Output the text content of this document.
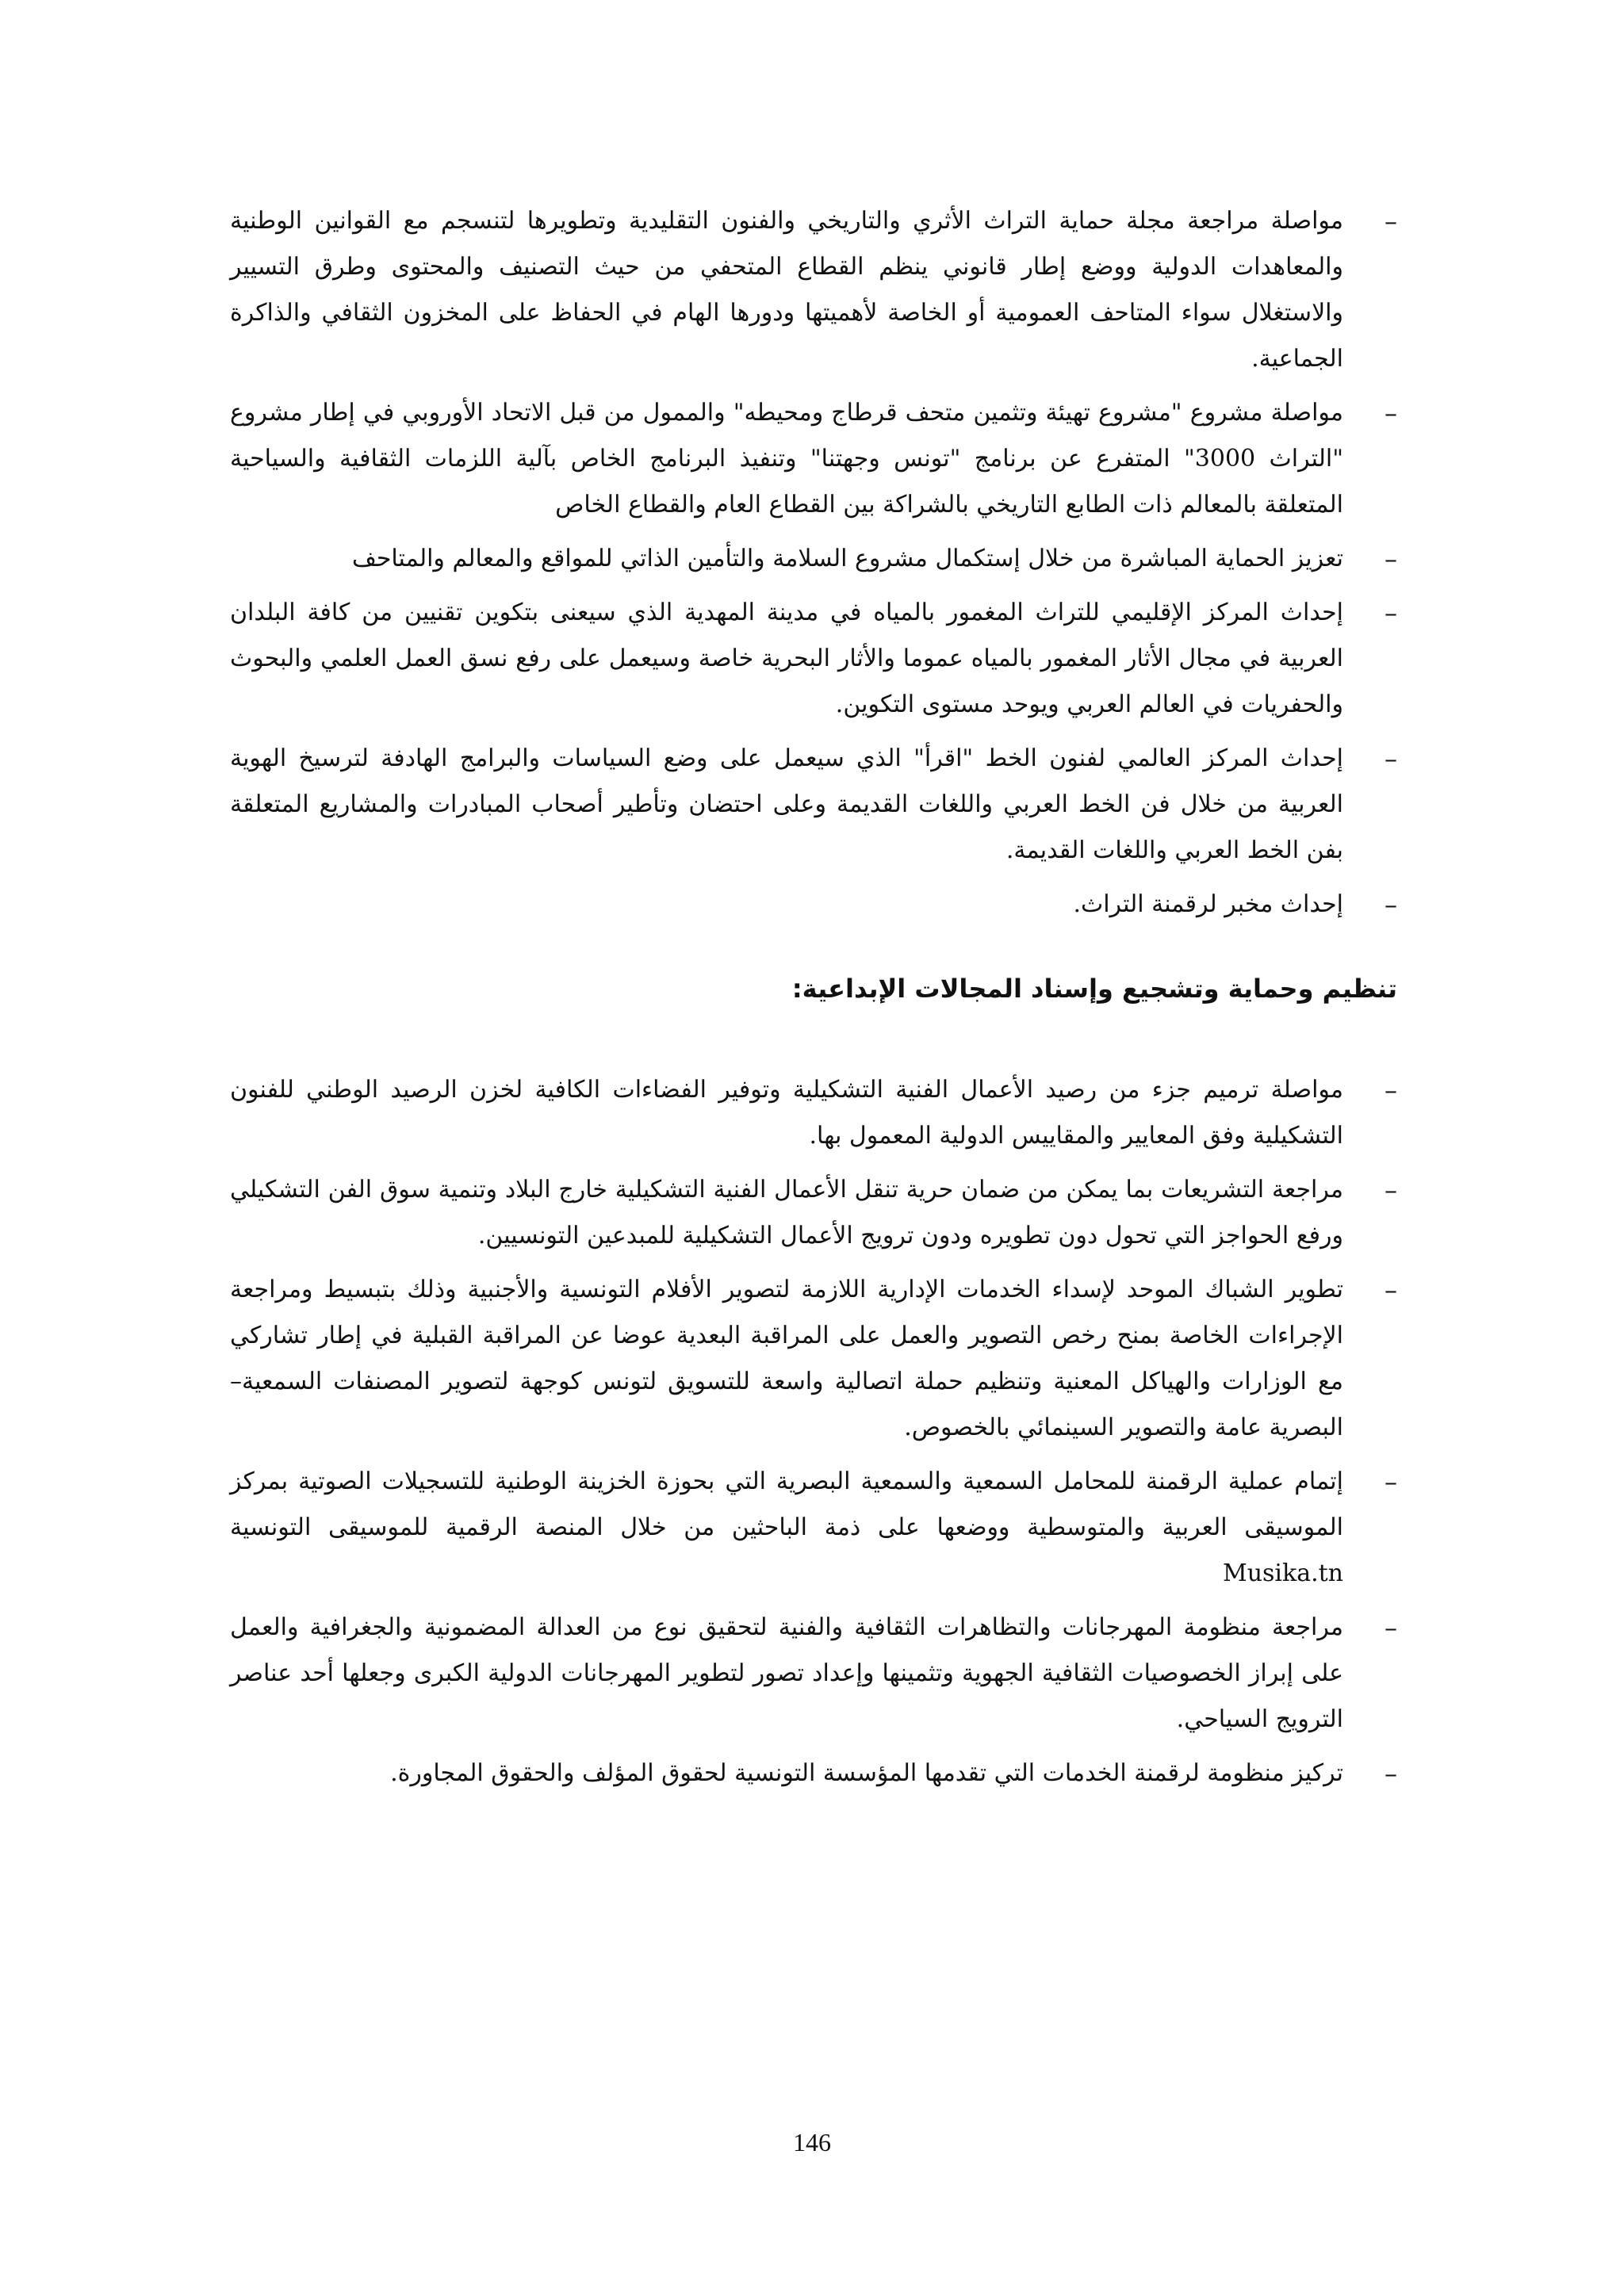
– مواصلة مراجعة مجلة حماية التراث الأثري والتاريخي والفنون التقليدية وتطويرها لتنسجم مع القوانين الوطنية والمعاهدات الدولية ووضع إطار قانوني ينظم القطاع المتحفي من حيث التصنيف والمحتوى وطرق التسيير والاستغلال سواء المتاحف العمومية أو الخاصة لأهميتها ودورها الهام في الحفاظ على المخزون الثقافي والذاكرة الجماعية.
– مواصلة مشروع "مشروع تهيئة وتثمين متحف قرطاج ومحيطه" والممول من قبل الاتحاد الأوروبي في إطار مشروع "التراث 3000" المتفرع عن برنامج "تونس وجهتنا" وتنفيذ البرنامج الخاص بآلية اللزمات الثقافية والسياحية المتعلقة بالمعالم ذات الطابع التاريخي بالشراكة بين القطاع العام والقطاع الخاص
– تعزيز الحماية المباشرة من خلال إستكمال مشروع السلامة والتأمين الذاتي للمواقع والمعالم والمتاحف
– إحداث المركز الإقليمي للتراث المغمور بالمياه في مدينة المهدية الذي سيعنى بتكوين تقنيين من كافة البلدان العربية في مجال الأثار المغمور بالمياه عموما والأثار البحرية خاصة وسيعمل على رفع نسق العمل العلمي والبحوث والحفريات في العالم العربي ويوحد مستوى التكوين.
– إحداث المركز العالمي لفنون الخط "اقرأ" الذي سيعمل على وضع السياسات والبرامج الهادفة لترسيخ الهوية العربية من خلال فن الخط العربي واللغات القديمة وعلى احتضان وتأطير أصحاب المبادرات والمشاريع المتعلقة بفن الخط العربي واللغات القديمة.
– إحداث مخبر لرقمنة التراث.
تنظيم وحماية وتشجيع وإسناد المجالات الإبداعية:
– مواصلة ترميم جزء من رصيد الأعمال الفنية التشكيلية وتوفير الفضاءات الكافية لخزن الرصيد الوطني للفنون التشكيلية وفق المعايير والمقاييس الدولية المعمول بها.
– مراجعة التشريعات بما يمكن من ضمان حرية تنقل الأعمال الفنية التشكيلية خارج البلاد وتنمية سوق الفن التشكيلي ورفع الحواجز التي تحول دون تطويره ودون ترويج الأعمال التشكيلية للمبدعين التونسيين.
– تطوير الشباك الموحد لإسداء الخدمات الإدارية اللازمة لتصوير الأفلام التونسية والأجنبية وذلك بتبسيط ومراجعة الإجراءات الخاصة بمنح رخص التصوير والعمل على المراقبة البعدية عوضا عن المراقبة القبلية في إطار تشاركي مع الوزارات والهياكل المعنية وتنظيم حملة اتصالية واسعة للتسويق لتونس كوجهة لتصوير المصنفات السمعية–البصرية عامة والتصوير السينمائي بالخصوص.
– إتمام عملية الرقمنة للمحامل السمعية والسمعية البصرية التي بحوزة الخزينة الوطنية للتسجيلات الصوتية بمركز الموسيقى العربية والمتوسطية ووضعها على ذمة الباحثين من خلال المنصة الرقمية للموسيقى التونسية Musika.tn
– مراجعة منظومة المهرجانات والتظاهرات الثقافية والفنية لتحقيق نوع من العدالة المضمونية والجغرافية والعمل على إبراز الخصوصيات الثقافية الجهوية وتثمينها وإعداد تصور لتطوير المهرجانات الدولية الكبرى وجعلها أحد عناصر الترويج السياحي.
– تركيز منظومة لرقمنة الخدمات التي تقدمها المؤسسة التونسية لحقوق المؤلف والحقوق المجاورة.
146
